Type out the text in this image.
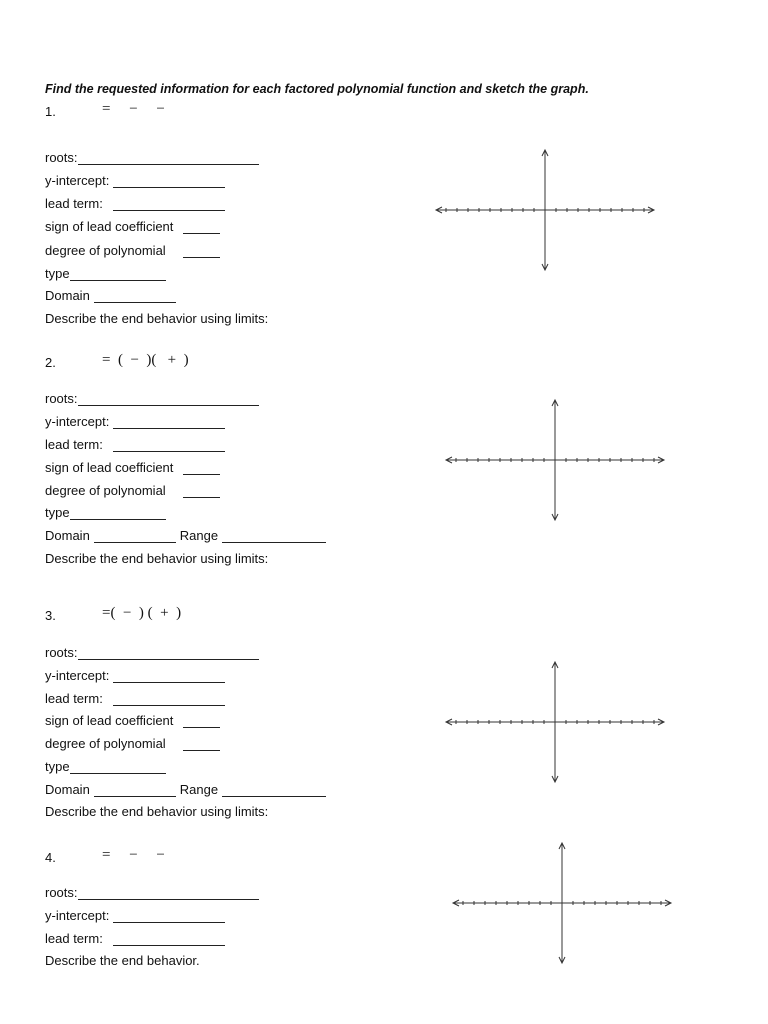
Find the requested information for each factored polynomial function and sketch the graph.
1.	=     −     −
roots:
y-intercept:
lead term:
sign of lead coefficient
degree of polynomial
type
Domain
Describe the end behavior using limits:
2.	=  (  −  )(   +  )
roots:
y-intercept:
lead term:
sign of lead coefficient
degree of polynomial
type
Domain	Range
Describe the end behavior using limits:
3.	=(  −  ) (  +  )
roots:
y-intercept:
lead term:
sign of lead coefficient
degree of polynomial
type
Domain	Range
Describe the end behavior using limits:
4.	=     −     −
roots:
y-intercept:
lead term:
Describe the end behavior.
